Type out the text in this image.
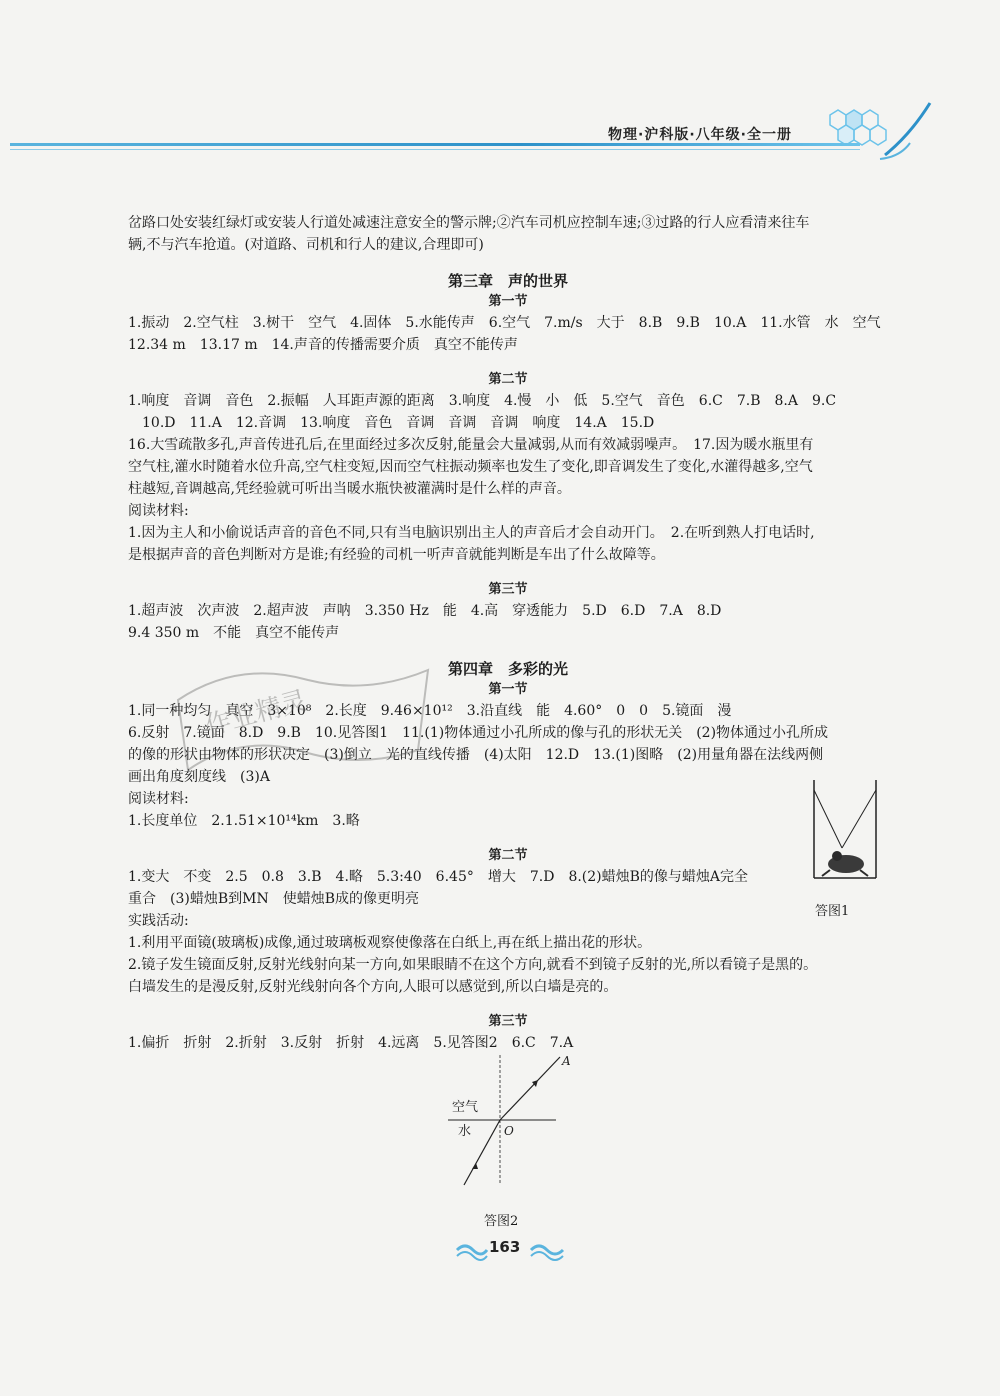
物理·沪科版·八年级·全一册

岔路口处安装红绿灯或安装人行道处减速注意安全的警示牌;②汽车司机应控制车速;③过路的行人应看清来往车

辆,不与汽车抢道。(对道路、司机和行人的建议,合理即可)

第三章　声的世界

第一节

1.振动　2.空气柱　3.树干　空气　4.固体　5.水能传声　6.空气　7.m/s　大于　8.B　9.B　10.A　11.水管　水　空气

12.34 m　13.17 m　14.声音的传播需要介质　真空不能传声

第二节

1.响度　音调　音色　2.振幅　人耳距声源的距离　3.响度　4.慢　小　低　5.空气　音色　6.C　7.B　8.A　9.C

　10.D　11.A　12.音调　13.响度　音色　音调　音调　音调　响度　14.A　15.D

16.大雪疏散多孔,声音传进孔后,在里面经过多次反射,能量会大量减弱,从而有效减弱噪声。　17.因为暖水瓶里有

空气柱,灌水时随着水位升高,空气柱变短,因而空气柱振动频率也发生了变化,即音调发生了变化,水灌得越多,空气

柱越短,音调越高,凭经验就可听出当暖水瓶快被灌满时是什么样的声音。

阅读材料:

1.因为主人和小偷说话声音的音色不同,只有当电脑识别出主人的声音后才会自动开门。　2.在听到熟人打电话时,

是根据声音的音色判断对方是谁;有经验的司机一听声音就能判断是车出了什么故障等。

第三节

1.超声波　次声波　2.超声波　声呐　3.350 Hz　能　4.高　穿透能力　5.D　6.D　7.A　8.D

9.4 350 m　不能　真空不能传声

第四章　多彩的光

第一节

1.同一种均匀　真空　3×10⁸　2.长度　9.46×10¹²　3.沿直线　能　4.60°　0　0　5.镜面　漫

6.反射　7.镜面　8.D　9.B　10.见答图1　11.(1)物体通过小孔所成的像与孔的形状无关　(2)物体通过小孔所成

的像的形状由物体的形状决定　(3)倒立　光的直线传播　(4)太阳　12.D　13.(1)图略　(2)用量角器在法线两侧

画出角度刻度线　(3)A

阅读材料:

1.长度单位　2.1.51×10¹⁴km　3.略

第二节

1.变大　不变　2.5　0.8　3.B　4.略　5.3:40　6.45°　增大　7.D　8.(2)蜡烛B的像与蜡烛A完全

重合　(3)蜡烛B到MN　使蜡烛B成的像更明亮

实践活动:

1.利用平面镜(玻璃板)成像,通过玻璃板观察使像落在白纸上,再在纸上描出花的形状。

2.镜子发生镜面反射,反射光线射向某一方向,如果眼睛不在这个方向,就看不到镜子反射的光,所以看镜子是黑的。

白墙发生的是漫反射,反射光线射向各个方向,人眼可以感觉到,所以白墙是亮的。

第三节

1.偏折　折射　2.折射　3.反射　折射　4.远离　5.见答图2　6.C　7.A

答图1
空气
水	O
A
答图2
作业精灵
163
